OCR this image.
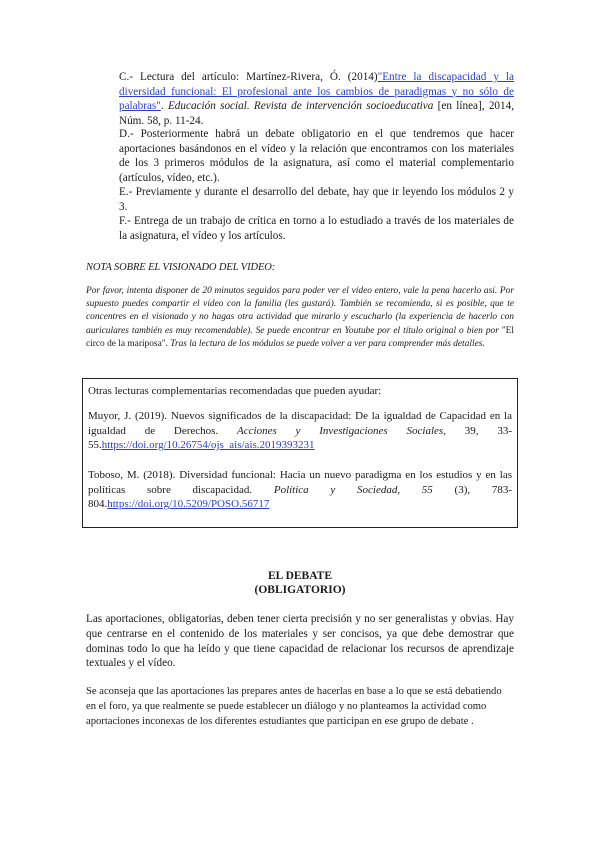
C.- Lectura del artículo: Martínez-Rivera, Ó. (2014)"Entre la discapacidad y la diversidad funcional: El profesional ante los cambios de paradigmas y no sólo de palabras". Educación social. Revista de intervención socioeducativa [en línea], 2014, Núm. 58, p. 11-24.

D.- Posteriormente habrá un debate obligatorio en el que tendremos que hacer aportaciones basándonos en el vídeo y la relación que encontramos con los materiales de los 3 primeros módulos de la asignatura, así como el material complementario (artículos, vídeo, etc.).

E.- Previamente y durante el desarrollo del debate, hay que ir leyendo los módulos 2 y 3.

F.- Entrega de un trabajo de crítica en torno a lo estudiado a través de los materiales de la asignatura, el vídeo y los artículos.

NOTA SOBRE EL VISIONADO DEL VIDEO:

Por favor, intenta disponer de 20 minutos seguidos para poder ver el vídeo entero, vale la pena hacerlo así. Por supuesto puedes compartir el vídeo con la familia (les gustará). También se recomienda, si es posible, que te concentres en el visionado y no hagas otra actividad que mirarlo y escucharlo (la experiencia de hacerlo con auriculares también es muy recomendable). Se puede encontrar en Youtube por el título original o bien por "El circo de la mariposa". Tras la lectura de los módulos se puede volver a ver para comprender más detalles.

Otras lecturas complementarias recomendadas que pueden ayudar:

Muyor, J. (2019). Nuevos significados de la discapacidad: De la igualdad de Capacidad en la igualdad de Derechos. Acciones y Investigaciones Sociales, 39, 33-55.https://doi.org/10.26754/ojs_ais/ais.2019393231

Toboso, M. (2018). Diversidad funcional: Hacia un nuevo paradigma en los estudios y en las políticas sobre discapacidad. Política y Sociedad, 55 (3), 783-804.https://doi.org/10.5209/POSO.56717

EL DEBATE

(OBLIGATORIO)

Las aportaciones, obligatorias, deben tener cierta precisión y no ser generalistas y obvias. Hay que centrarse en el contenido de los materiales y ser concisos, ya que debe demostrar que dominas todo lo que ha leído y que tiene capacidad de relacionar los recursos de aprendizaje textuales y el vídeo.

Se aconseja que las aportaciones las prepares antes de hacerlas en base a lo que se está debatiendo en el foro, ya que realmente se puede establecer un diálogo y no planteamos la actividad como aportaciones inconexas de los diferentes estudiantes que participan en ese grupo de debate .
